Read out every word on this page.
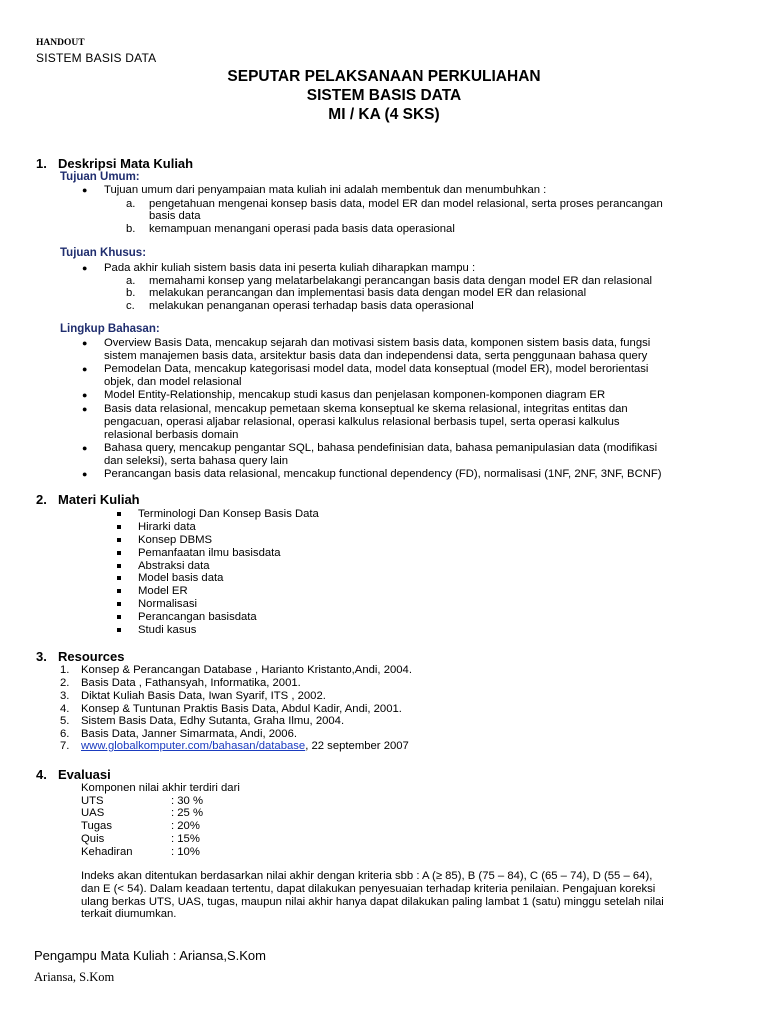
HANDOUT
SISTEM BASIS DATA
SEPUTAR PELAKSANAAN PERKULIAHAN
SISTEM BASIS DATA
MI / KA (4 SKS)
1. Deskripsi Mata Kuliah
Tujuan Umum:
● Tujuan umum dari penyampaian mata kuliah ini adalah membentuk dan menumbuhkan :
a. pengetahuan mengenai konsep basis data, model ER dan model relasional, serta proses perancangan
basis data
b. kemampuan menangani operasi pada basis data operasional
Tujuan Khusus:
● Pada akhir kuliah sistem basis data ini peserta kuliah diharapkan mampu :
a. memahami konsep yang melatarbelakangi perancangan basis data dengan model ER dan relasional
b. melakukan perancangan dan implementasi basis data dengan model ER dan relasional
c. melakukan penanganan operasi terhadap basis data operasional
Lingkup Bahasan:
● Overview Basis Data, mencakup sejarah dan motivasi sistem basis data, komponen sistem basis data, fungsi
sistem manajemen basis data, arsitektur basis data dan independensi data, serta penggunaan bahasa query
● Pemodelan Data, mencakup kategorisasi model data, model data konseptual (model ER), model berorientasi
objek, dan model relasional
● Model Entity-Relationship, mencakup studi kasus dan penjelasan komponen-komponen diagram ER
● Basis data relasional, mencakup pemetaan skema konseptual ke skema relasional, integritas entitas dan
pengacuan, operasi aljabar relasional, operasi kalkulus relasional berbasis tupel, serta operasi kalkulus
relasional berbasis domain
● Bahasa query, mencakup pengantar SQL, bahasa pendefinisian data, bahasa pemanipulasian data (modifikasi
dan seleksi), serta bahasa query lain
● Perancangan basis data relasional, mencakup functional dependency (FD), normalisasi (1NF, 2NF, 3NF, BCNF)
2. Materi Kuliah
Terminologi Dan Konsep Basis Data
Hirarki data
Konsep DBMS
Pemanfaatan ilmu basisdata
Abstraksi data
Model basis data
Model ER
Normalisasi
Perancangan basisdata
Studi kasus
3. Resources
1. Konsep & Perancangan Database , Harianto Kristanto,Andi, 2004.
2. Basis Data , Fathansyah, Informatika, 2001.
3. Diktat Kuliah Basis Data, Iwan Syarif, ITS , 2002.
4. Konsep & Tuntunan Praktis Basis Data, Abdul Kadir, Andi, 2001.
5. Sistem Basis Data, Edhy Sutanta, Graha Ilmu, 2004.
6. Basis Data, Janner Simarmata, Andi, 2006.
7. www.globalkomputer.com/bahasan/database, 22 september 2007
4. Evaluasi
Komponen nilai akhir terdiri dari
UTS	: 30 %
UAS	: 25 %
Tugas	: 20%
Quis	: 15%
Kehadiran	: 10%
Indeks akan ditentukan berdasarkan nilai akhir dengan kriteria sbb : A (≥ 85), B (75 – 84), C (65 – 74), D (55 – 64),
dan E (< 54). Dalam keadaan tertentu, dapat dilakukan penyesuaian terhadap kriteria penilaian. Pengajuan koreksi
ulang berkas UTS, UAS, tugas, maupun nilai akhir hanya dapat dilakukan paling lambat 1 (satu) minggu setelah nilai
terkait diumumkan.
Pengampu Mata Kuliah : Ariansa,S.Kom
Ariansa, S.Kom
